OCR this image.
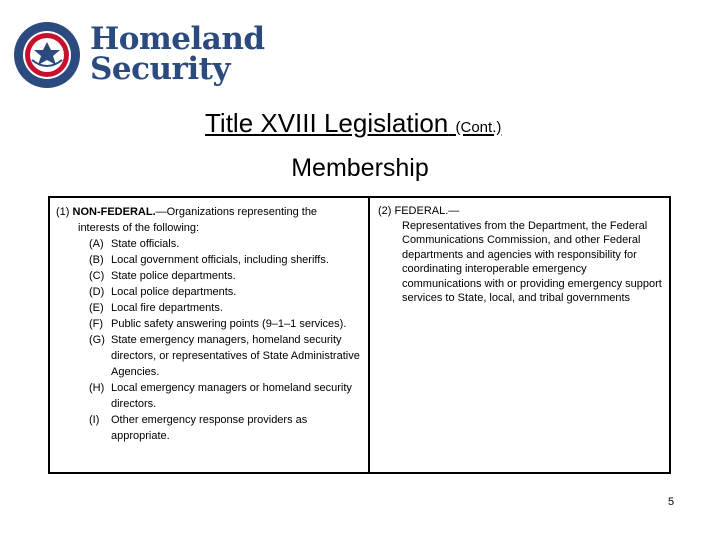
Homeland
Security
Title XVIII Legislation (Cont.)
Membership
(1) NON-FEDERAL.—Organizations representing the
interests of the following:
(A) State officials.
(B) Local government officials, including sheriffs.
(C) State police departments.
(D) Local police departments.
(E) Local fire departments.
(F) Public safety answering points (9–1–1 services).
(G) State emergency managers, homeland security directors, or representatives of State Administrative Agencies.
(H) Local emergency managers or homeland security directors.
(I)	Other emergency response providers as appropriate.
(2) FEDERAL.—
Representatives from the Department, the Federal Communications Commission, and other Federal departments and agencies with responsibility for coordinating interoperable emergency communications with or providing emergency support services to State, local, and tribal governments
5
